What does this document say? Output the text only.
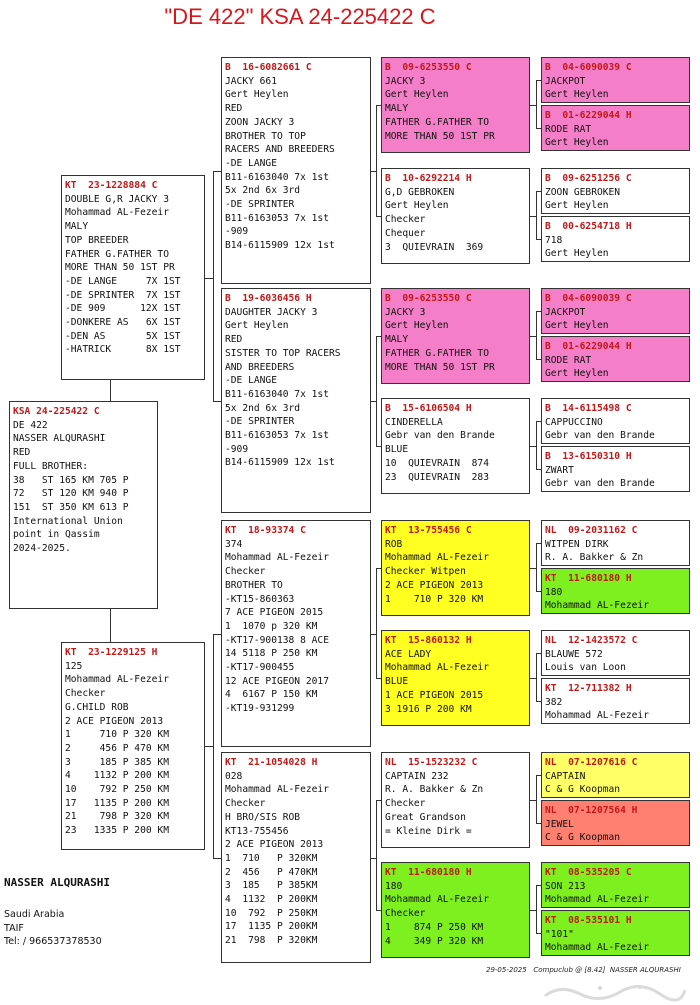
"DE 422" KSA 24-225422 C
KSA 24-225422 C
DE 422
NASSER ALQURASHI
RED
FULL BROTHER:
38   ST 165 KM 705 P
72   ST 120 KM 940 P
151  ST 350 KM 613 P
International Union
point in Qassim
2024-2025.
KT  23-1228884 C
DOUBLE G,R JACKY 3
Mohammad AL-Fezeir
MALY
TOP BREEDER
FATHER G.FATHER TO
MORE THAN 50 1ST PR
-DE LANGE     7X 1ST
-DE SPRINTER  7X 1ST
-DE 909      12X 1ST
-DONKERE AS   6X 1ST
-DEN AS       5X 1ST
-HATRICK      8X 1ST
KT  23-1229125 H
125
Mohammad AL-Fezeir
Checker
G.CHILD ROB
2 ACE PIGEON 2013
1     710 P 320 KM
2     456 P 470 KM
3     185 P 385 KM
4    1132 P 200 KM
10    792 P 250 KM
17   1135 P 200 KM
21    798 P 320 KM
23   1335 P 200 KM
B  16-6082661 C
JACKY 661
Gert Heylen
RED
ZOON JACKY 3
BROTHER TO TOP
RACERS AND BREEDERS
-DE LANGE
B11-6163040 7x 1st
5x 2nd 6x 3rd
-DE SPRINTER
B11-6163053 7x 1st
-909
B14-6115909 12x 1st
B  19-6036456 H
DAUGHTER JACKY 3
Gert Heylen
RED
SISTER TO TOP RACERS
AND BREEDERS
-DE LANGE
B11-6163040 7x 1st
5x 2nd 6x 3rd
-DE SPRINTER
B11-6163053 7x 1st
-909
B14-6115909 12x 1st
KT  18-93374 C
374
Mohammad AL-Fezeir
Checker
BROTHER TO
-KT15-860363
7 ACE PIGEON 2015
1  1070 p 320 KM
-KT17-900138 8 ACE
14 5118 P 250 KM
-KT17-900455
12 ACE PIGEON 2017
4  6167 P 150 KM
-KT19-931299
KT  21-1054028 H
028
Mohammad AL-Fezeir
Checker
H BRO/SIS ROB
KT13-755456
2 ACE PIGEON 2013
1  710   P 320KM
2  456   P 470KM
3  185   P 385KM
4  1132  P 200KM
10  792  P 250KM
17  1135 P 200KM
21  798  P 320KM
B  09-6253550 C
JACKY 3
Gert Heylen
MALY
FATHER G.FATHER TO
MORE THAN 50 1ST PR
B  10-6292214 H
G,D GEBROKEN
Gert Heylen
Checker
Chequer
3  QUIEVRAIN  369
B  09-6253550 C
JACKY 3
Gert Heylen
MALY
FATHER G.FATHER TO
MORE THAN 50 1ST PR
B  15-6106504 H
CINDERELLA
Gebr van den Brande
BLUE
10  QUIEVRAIN  874
23  QUIEVRAIN  283
KT  13-755456 C
ROB
Mohammad AL-Fezeir
Checker Witpen
2 ACE PIGEON 2013
1    710 P 320 KM
KT  15-860132 H
ACE LADY
Mohammad AL-Fezeir
BLUE
1 ACE PIGEON 2015
3 1916 P 200 KM
NL  15-1523232 C
CAPTAIN 232
R. A. Bakker & Zn
Checker
Great Grandson
= Kleine Dirk =
KT  11-680180 H
180
Mohammad AL-Fezeir
Checker
1    874 P 250 KM
4    349 P 320 KM
B  04-6090039 C
JACKPOT
Gert Heylen
B  01-6229044 H
RODE RAT
Gert Heylen
B  09-6251256 C
ZOON GEBROKEN
Gert Heylen
B  00-6254718 H
718
Gert Heylen
B  04-6090039 C
JACKPOT
Gert Heylen
B  01-6229044 H
RODE RAT
Gert Heylen
B  14-6115498 C
CAPPUCCINO
Gebr van den Brande
B  13-6150310 H
ZWART
Gebr van den Brande
NL  09-2031162 C
WITPEN DIRK
R. A. Bakker & Zn
KT  11-680180 H
180
Mohammad AL-Fezeir
NL  12-1423572 C
BLAUWE 572
Louis van Loon
KT  12-711382 H
382
Mohammad AL-Fezeir
NL  07-1207616 C
CAPTAIN
C & G Koopman
NL  07-1207564 H
JEWEL
C & G Koopman
KT  08-535205 C
SON 213
Mohammad AL-Fezeir
KT  08-535101 H
"101"
Mohammad AL-Fezeir
NASSER ALQURASHI
Saudi Arabia
TAIF
Tel: / 966537378530
29-05-2025   Compuclub @ [8.42]  NASSER ALQURASHI
